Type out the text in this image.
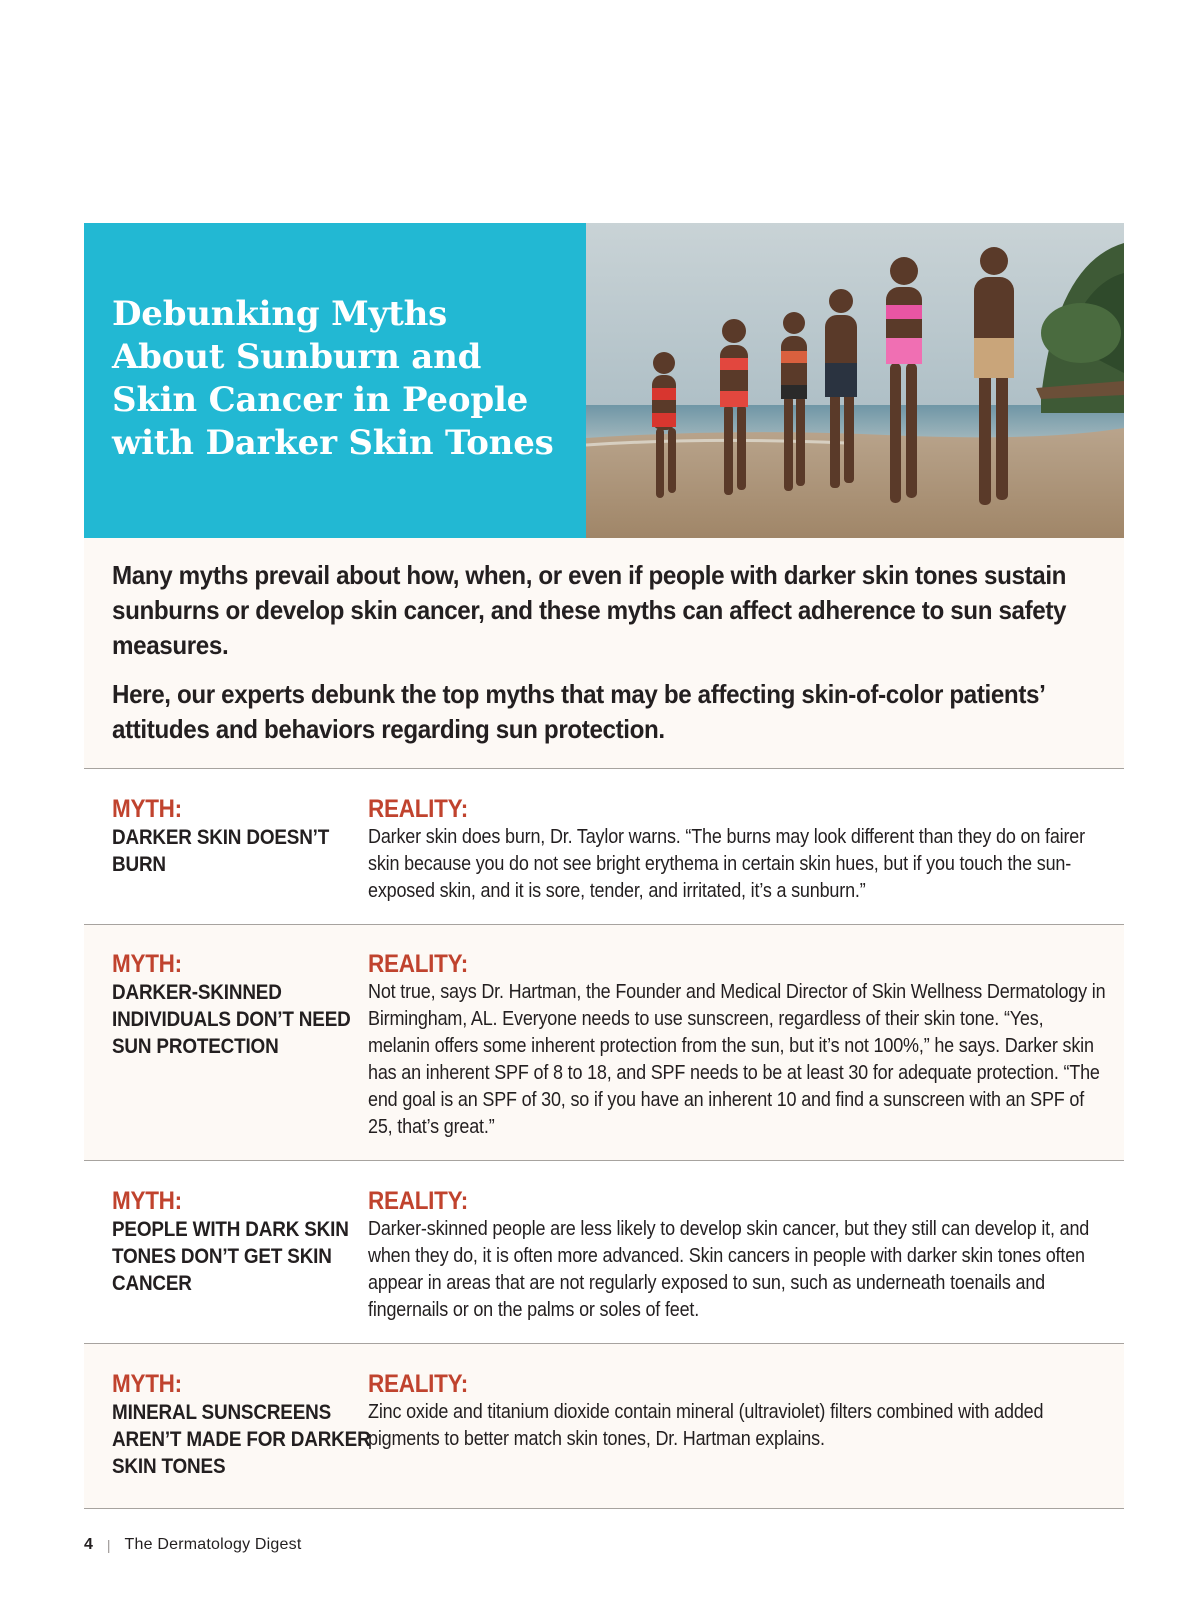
Debunking Myths About Sunburn and Skin Cancer in People with Darker Skin Tones

Many myths prevail about how, when, or even if people with darker skin tones sustain sunburns or develop skin cancer, and these myths can affect adherence to sun safety measures.

Here, our experts debunk the top myths that may be affecting skin-of-color patients’ attitudes and behaviors regarding sun protection.

MYTH:

DARKER SKIN DOESN’T BURN

REALITY:

Darker skin does burn, Dr. Taylor warns. “The burns may look different than they do on fairer skin because you do not see bright erythema in certain skin hues, but if you touch the sun-exposed skin, and it is sore, tender, and irritated, it’s a sunburn.”

MYTH:

DARKER-SKINNED INDIVIDUALS DON’T NEED SUN PROTECTION

REALITY:

Not true, says Dr. Hartman, the Founder and Medical Director of Skin Wellness Dermatology in Birmingham, AL. Everyone needs to use sunscreen, regardless of their skin tone. “Yes, melanin offers some inherent protection from the sun, but it’s not 100%,” he says. Darker skin has an inherent SPF of 8 to 18, and SPF needs to be at least 30 for adequate protection. “The end goal is an SPF of 30, so if you have an inherent 10 and find a sunscreen with an SPF of 25, that’s great.”

MYTH:

PEOPLE WITH DARK SKIN TONES DON’T GET SKIN CANCER

REALITY:

Darker-skinned people are less likely to develop skin cancer, but they still can develop it, and when they do, it is often more advanced. Skin cancers in people with darker skin tones often appear in areas that are not regularly exposed to sun, such as underneath toenails and fingernails or on the palms or soles of feet.

MYTH:

MINERAL SUNSCREENS AREN’T MADE FOR DARKER SKIN TONES

REALITY:

Zinc oxide and titanium dioxide contain mineral (ultraviolet) filters combined with added pigments to better match skin tones, Dr. Hartman explains.

4 | The Dermatology Digest
